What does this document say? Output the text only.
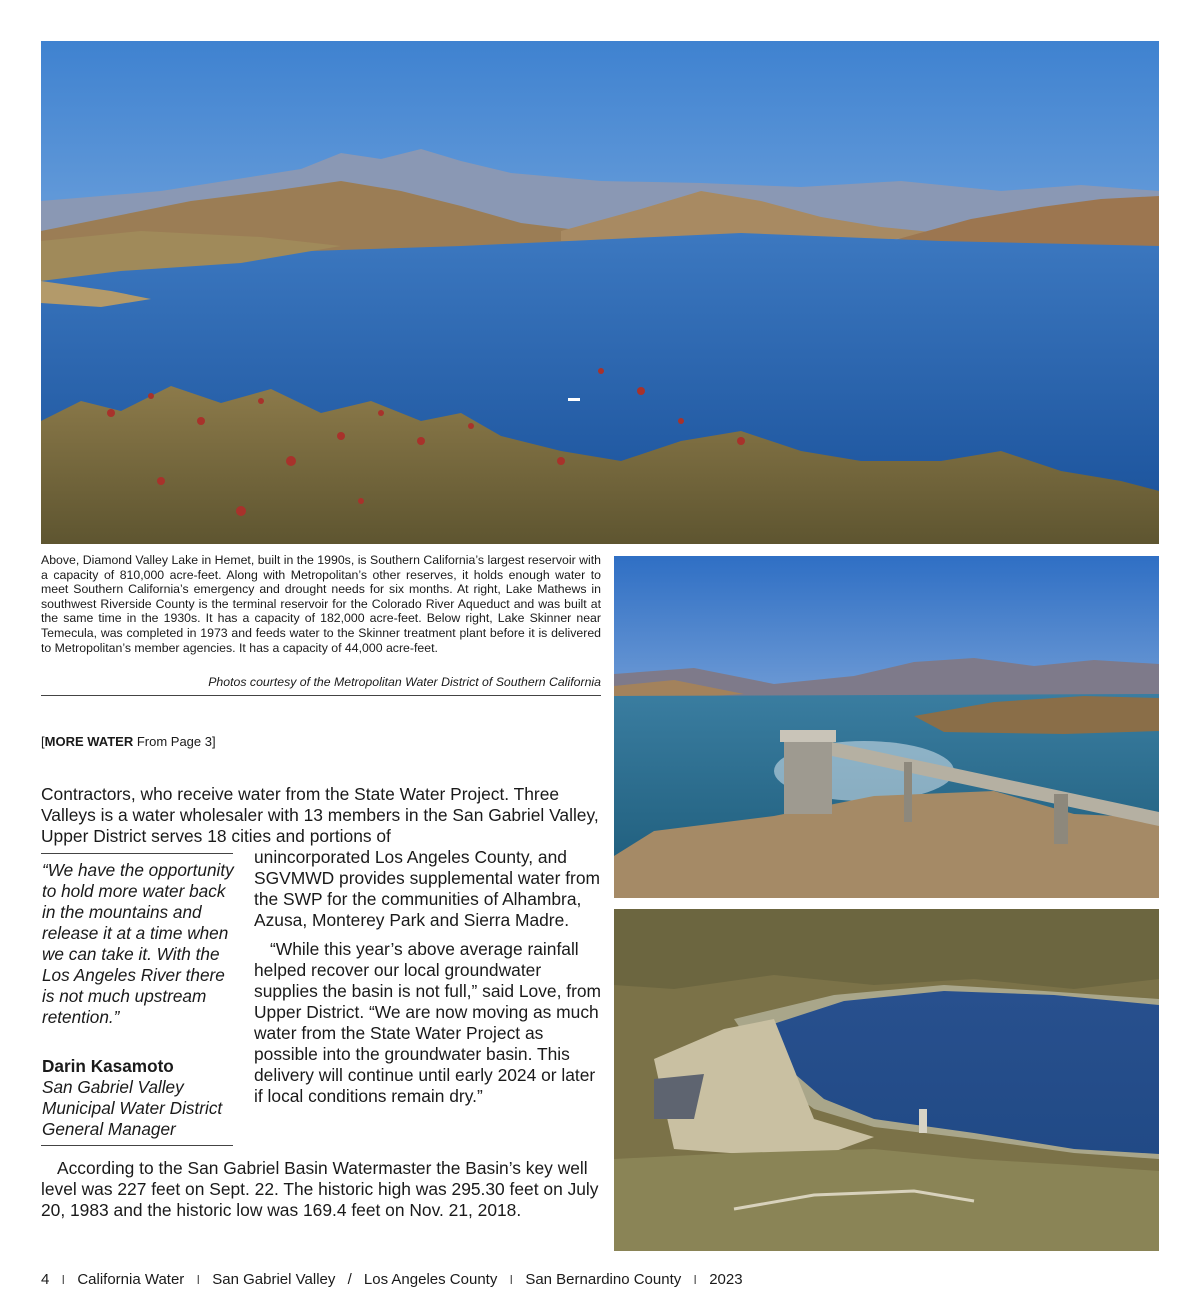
Above, Diamond Valley Lake in Hemet, built in the 1990s, is Southern California’s largest reservoir with a capacity of 810,000 acre-feet. Along with Metropolitan’s other reserves, it holds enough water to meet Southern California’s emergency and drought needs for six months. At right, Lake Mathews in southwest Riverside County is the terminal reservoir for the Colorado River Aqueduct and was built at the same time in the 1930s. It has a capacity of 182,000 acre-feet. Below right, Lake Skinner near Temecula, was completed in 1973 and feeds water to the Skinner treatment plant before it is delivered to Metropolitan’s member agencies. It has a capacity of 44,000 acre-feet.

Photos courtesy of the Metropolitan Water District of Southern California

[MORE WATER From Page 3]

Contractors, who receive water from the State Water Project. Three Valleys is a water wholesaler with 13 members in the San Gabriel Valley, Upper District serves 18 cities and portions of

“We have the opportunity to hold more water back in the mountains and release it at a time when we can take it. With the Los Angeles River there is not much upstream retention.”

Darin Kasamoto

San Gabriel Valley Municipal Water District General Manager

unincorporated Los Angeles County, and SGVMWD provides supplemental water from the SWP for the communities of Alhambra, Azusa, Monterey Park and Sierra Madre.

“While this year’s above average rainfall helped recover our local groundwater supplies the basin is not full,” said Love, from Upper District. “We are now moving as much water from the State Water Project as possible into the groundwater basin. This delivery will continue until early 2024 or later if local conditions remain dry.”

According to the San Gabriel Basin Watermaster the Basin’s key well level was 227 feet on Sept. 22. The historic high was 295.30 feet on July 20, 1983 and the historic low was 169.4 feet on Nov. 21, 2018.

4 I California Water I San Gabriel Valley / Los Angeles County I San Bernardino County I 2023
